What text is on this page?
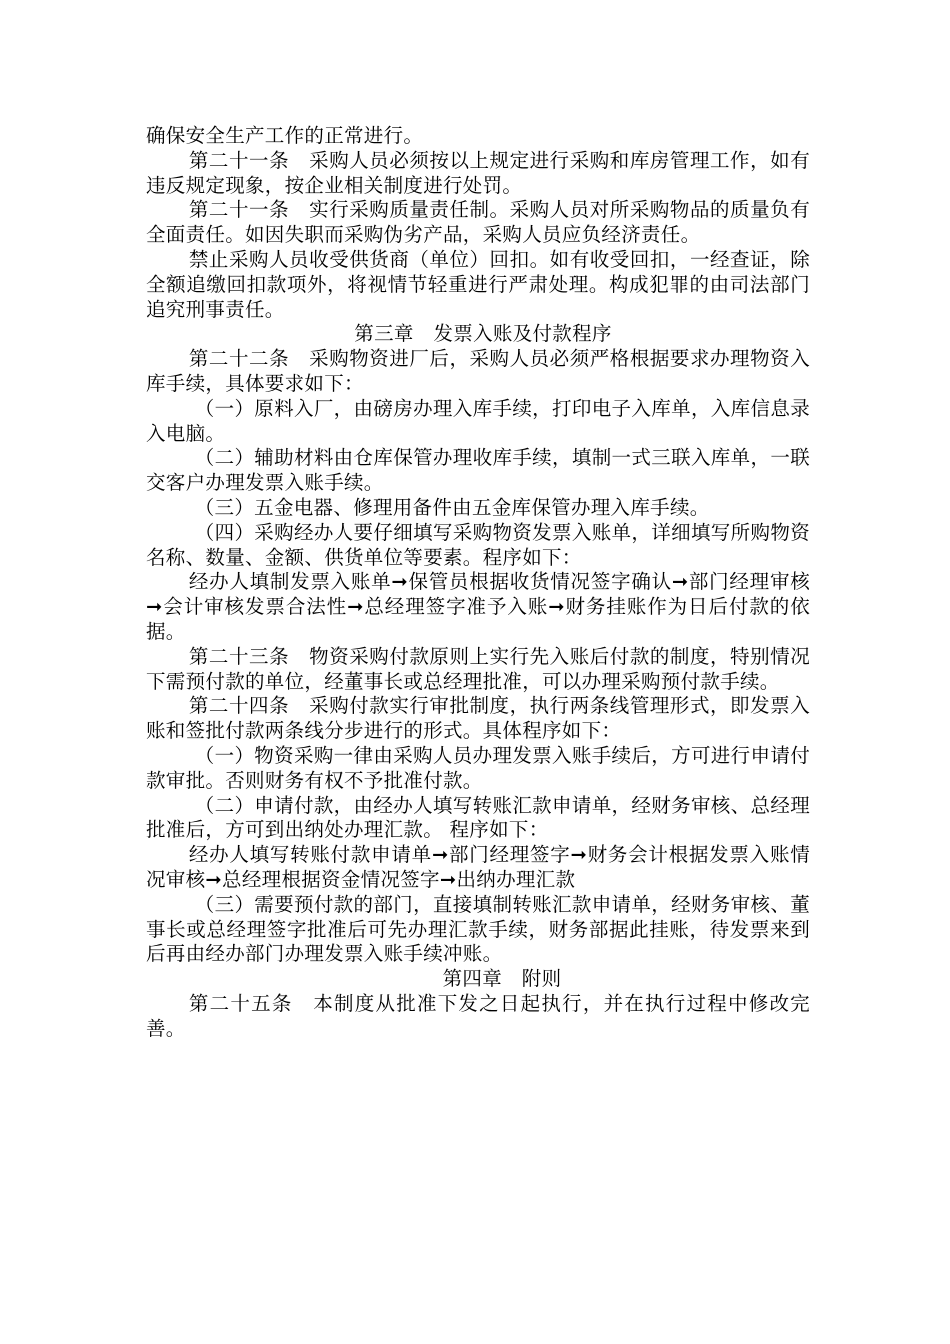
确保安全生产工作的正常进行。

第二十一条　采购人员必须按以上规定进行采购和库房管理工作，如有违反规定现象，按企业相关制度进行处罚。

第二十一条　实行采购质量责任制。采购人员对所采购物品的质量负有全面责任。如因失职而采购伪劣产品，采购人员应负经济责任。

禁止采购人员收受供货商（单位）回扣。如有收受回扣，一经查证，除全额追缴回扣款项外，将视情节轻重进行严肃处理。构成犯罪的由司法部门追究刑事责任。

第三章　发票入账及付款程序

第二十二条　采购物资进厂后，采购人员必须严格根据要求办理物资入库手续，具体要求如下：

（一）原料入厂，由磅房办理入库手续，打印电子入库单，入库信息录入电脑。

（二）辅助材料由仓库保管办理收库手续，填制一式三联入库单，一联交客户办理发票入账手续。

（三）五金电器、修理用备件由五金库保管办理入库手续。

（四）采购经办人要仔细填写采购物资发票入账单，详细填写所购物资名称、数量、金额、供货单位等要素。程序如下：

经办人填制发票入账单➞保管员根据收货情况签字确认➞部门经理审核➞会计审核发票合法性➞总经理签字准予入账➞财务挂账作为日后付款的依据。

第二十三条　物资采购付款原则上实行先入账后付款的制度，特别情况下需预付款的单位，经董事长或总经理批准，可以办理采购预付款手续。

第二十四条　采购付款实行审批制度，执行两条线管理形式，即发票入账和签批付款两条线分步进行的形式。具体程序如下：

（一）物资采购一律由采购人员办理发票入账手续后，方可进行申请付款审批。否则财务有权不予批准付款。

（二）申请付款，由经办人填写转账汇款申请单，经财务审核、总经理批准后，方可到出纳处办理汇款。 程序如下：

经办人填写转账付款申请单➞部门经理签字➞财务会计根据发票入账情况审核➞总经理根据资金情况签字➞出纳办理汇款

（三）需要预付款的部门，直接填制转账汇款申请单，经财务审核、董事长或总经理签字批准后可先办理汇款手续，财务部据此挂账，待发票来到后再由经办部门办理发票入账手续冲账。

第四章　附则

第二十五条　本制度从批准下发之日起执行，并在执行过程中修改完善。
